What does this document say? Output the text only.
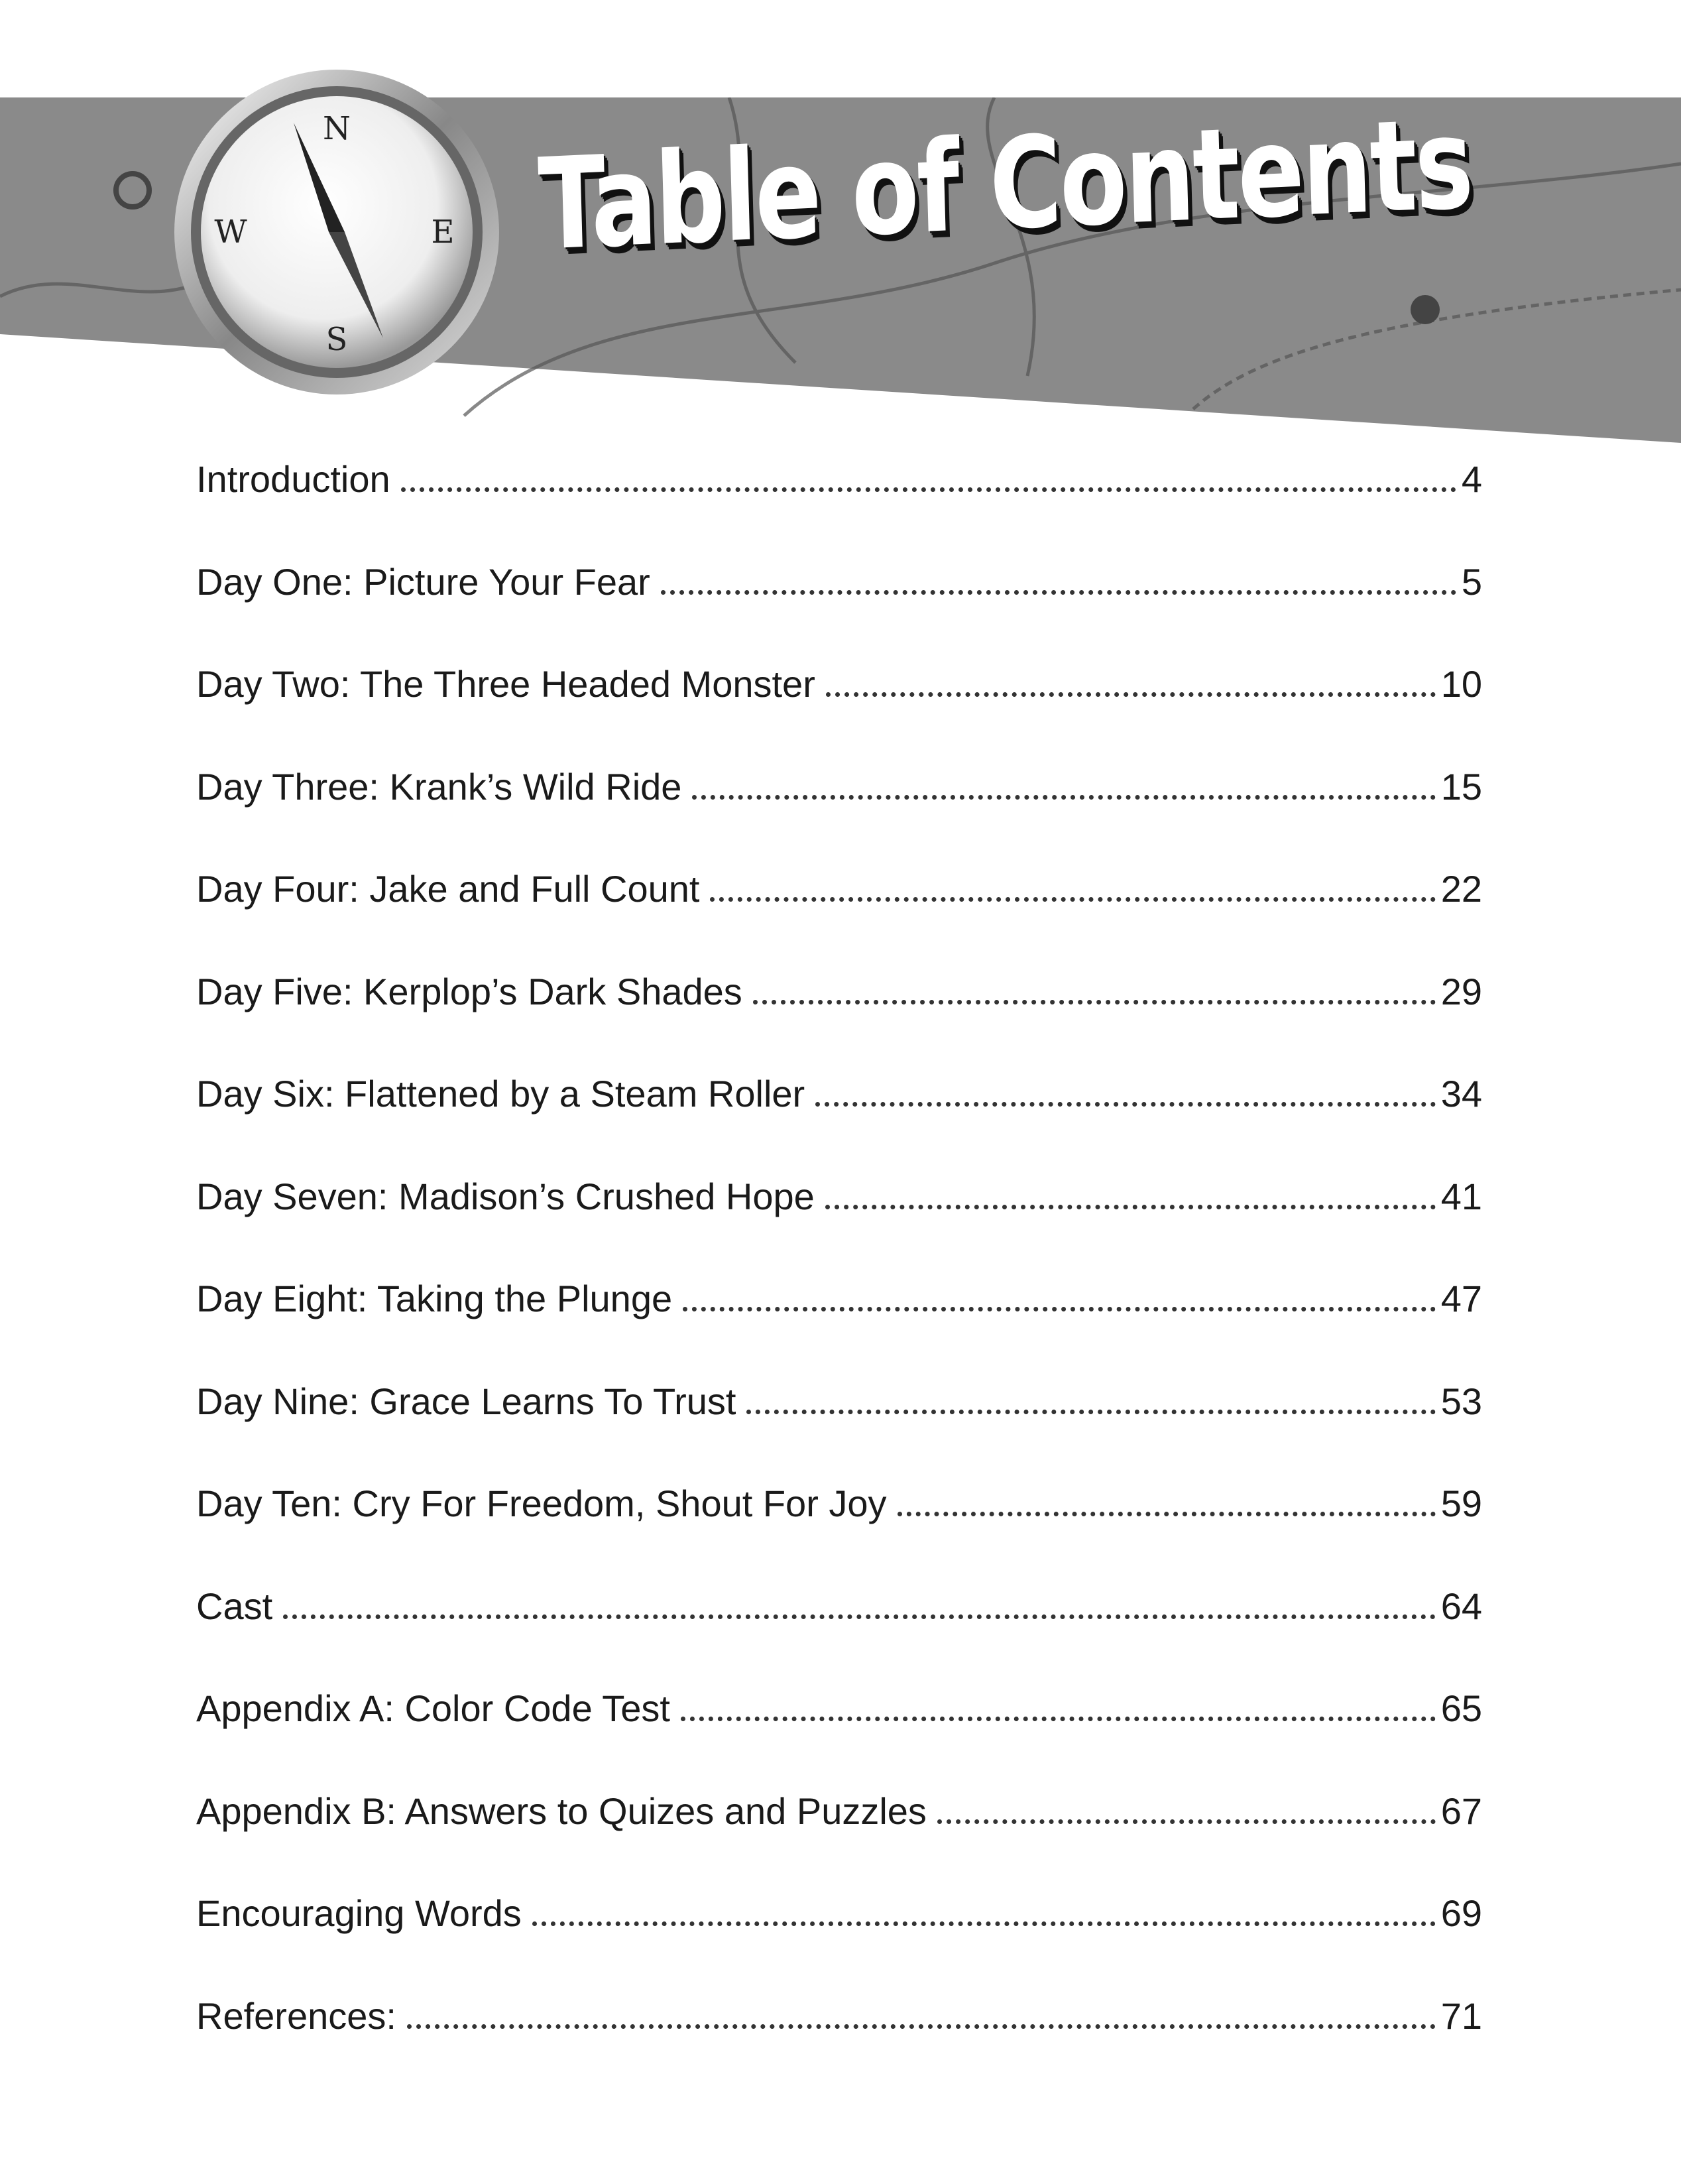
N
S
W	E Table of Contents
Introduction	4
Day One: Picture Your Fear	5
Day Two: The Three Headed Monster	10
Day Three: Krank’s Wild Ride	15
Day Four: Jake and Full Count	22
Day Five: Kerplop’s Dark Shades	29
Day Six: Flattened by a Steam Roller	34
Day Seven: Madison’s Crushed Hope	41
Day Eight: Taking the Plunge	47
Day Nine: Grace Learns To Trust	53
Day Ten: Cry For Freedom, Shout For Joy	59
Cast	64
Appendix A: Color Code Test	65
Appendix B: Answers to Quizes and Puzzles	67
Encouraging Words	69
References:	71
